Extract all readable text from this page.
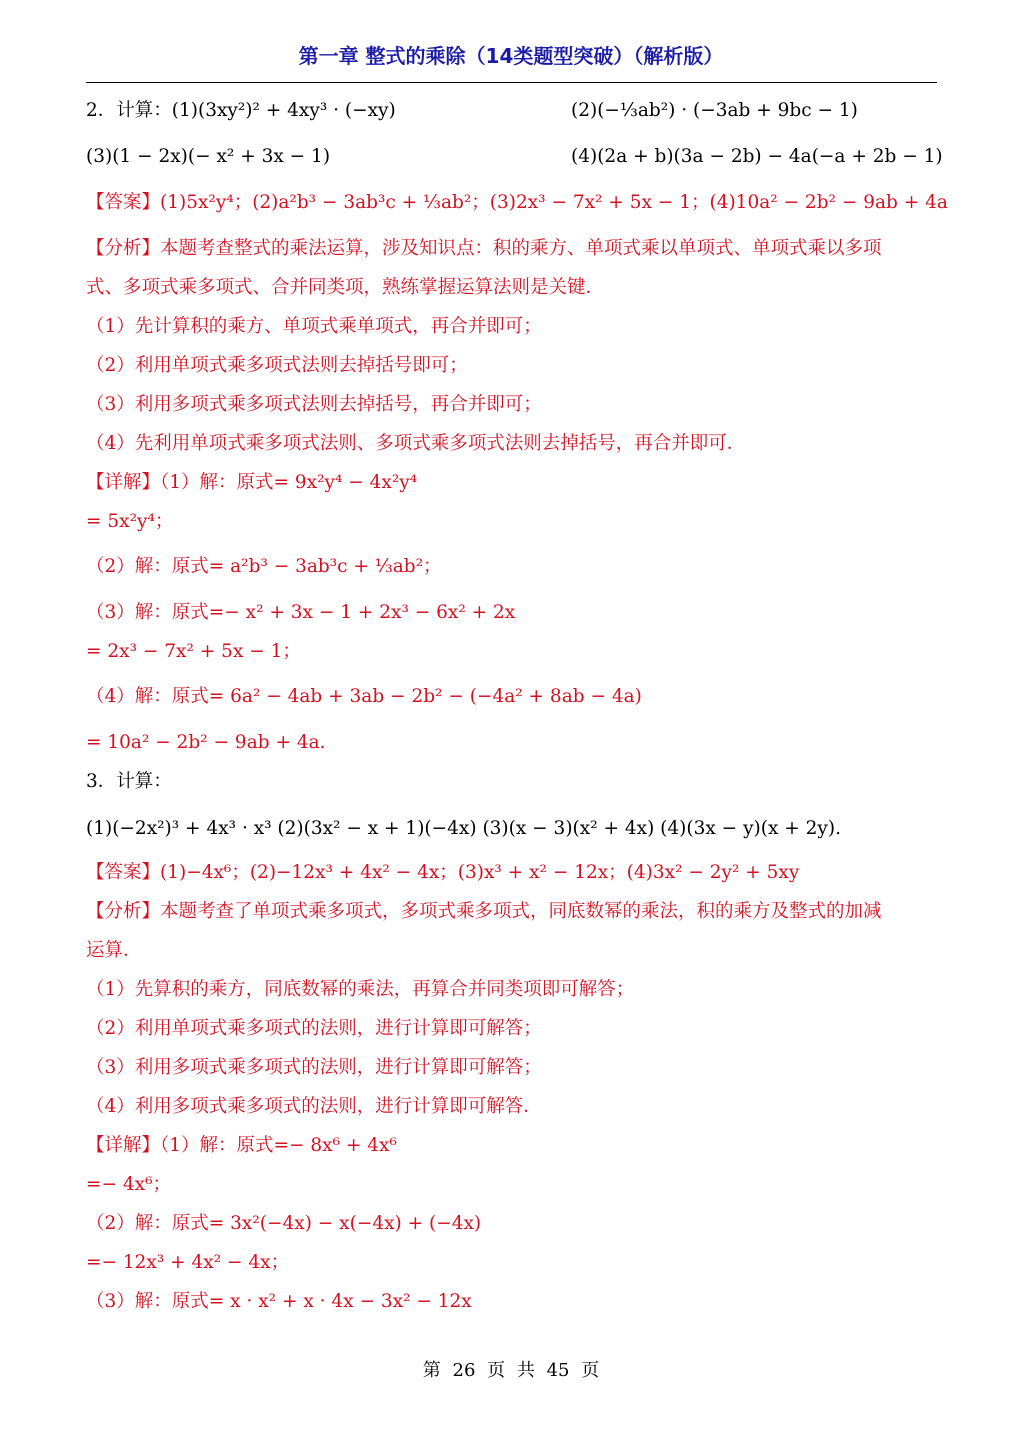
第一章 整式的乘除（14类题型突破）（解析版）
2．计算：(1)(3xy²)² + 4xy³ · (−xy)	(2)(−⅓ab²) · (−3ab + 9bc − 1)
(3)(1 − 2x)(− x² + 3x − 1)	(4)(2a + b)(3a − 2b) − 4a(−a + 2b − 1)
【答案】(1)5x²y⁴；(2)a²b³ − 3ab³c + ⅓ab²；(3)2x³ − 7x² + 5x − 1；(4)10a² − 2b² − 9ab + 4a
【分析】本题考查整式的乘法运算，涉及知识点：积的乘方、单项式乘以单项式、单项式乘以多项
式、多项式乘多项式、合并同类项，熟练掌握运算法则是关键．
（1）先计算积的乘方、单项式乘单项式，再合并即可；
（2）利用单项式乘多项式法则去掉括号即可；
（3）利用多项式乘多项式法则去掉括号，再合并即可；
（4）先利用单项式乘多项式法则、多项式乘多项式法则去掉括号，再合并即可．
【详解】（1）解：原式= 9x²y⁴ − 4x²y⁴
= 5x²y⁴；
（2）解：原式= a²b³ − 3ab³c + ⅓ab²；
（3）解：原式=− x² + 3x − 1 + 2x³ − 6x² + 2x
= 2x³ − 7x² + 5x − 1；
（4）解：原式= 6a² − 4ab + 3ab − 2b² − (−4a² + 8ab − 4a)
= 10a² − 2b² − 9ab + 4a.
3．计算：
(1)(−2x²)³ + 4x³ · x³ (2)(3x² − x + 1)(−4x) (3)(x − 3)(x² + 4x) (4)(3x − y)(x + 2y).
【答案】(1)−4x⁶；(2)−12x³ + 4x² − 4x；(3)x³ + x² − 12x；(4)3x² − 2y² + 5xy
【分析】本题考查了单项式乘多项式，多项式乘多项式，同底数幂的乘法，积的乘方及整式的加减
运算．
（1）先算积的乘方，同底数幂的乘法，再算合并同类项即可解答；
（2）利用单项式乘多项式的法则，进行计算即可解答；
（3）利用多项式乘多项式的法则，进行计算即可解答；
（4）利用多项式乘多项式的法则，进行计算即可解答．
【详解】（1）解：原式=− 8x⁶ + 4x⁶
=− 4x⁶；
（2）解：原式= 3x²(−4x) − x(−4x) + (−4x)
=− 12x³ + 4x² − 4x；
（3）解：原式= x · x² + x · 4x − 3x² − 12x
第 26 页 共 45 页
